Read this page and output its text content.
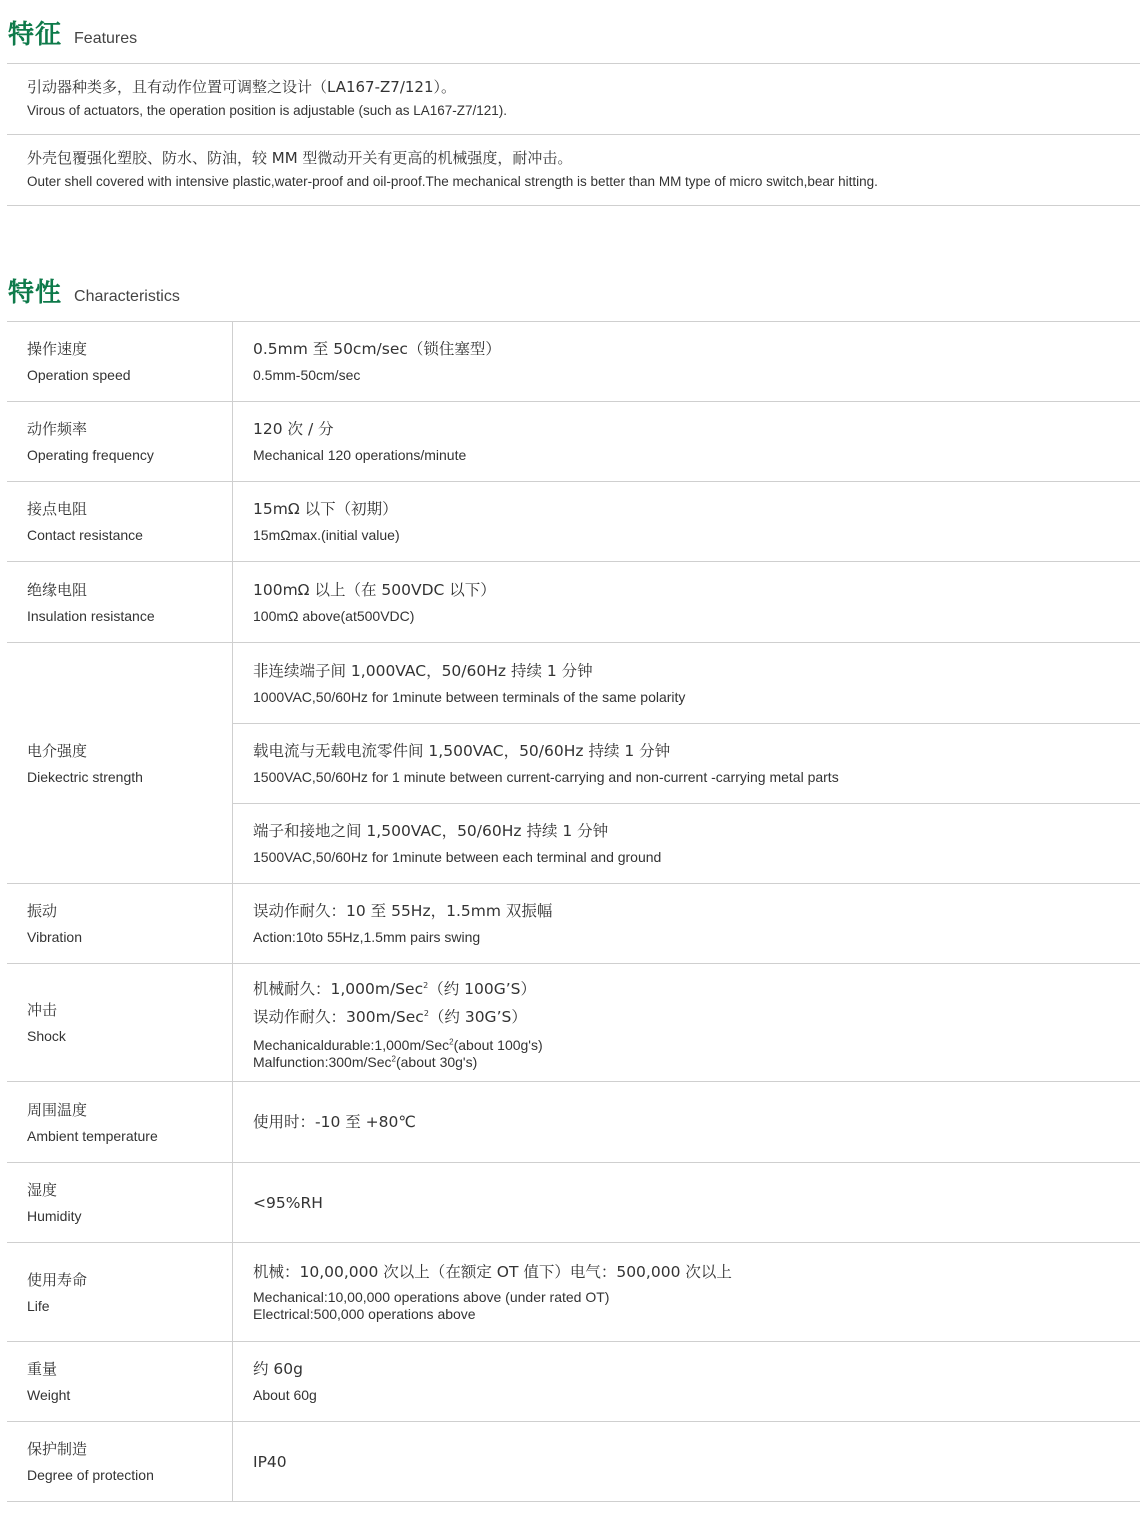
特征 Features
引动器种类多，且有动作位置可调整之设计（LA167-Z7/121）。
Virous of actuators, the operation position is adjustable (such as LA167-Z7/121).
外壳包覆强化塑胶、防水、防油，较 MM 型微动开关有更高的机械强度，耐冲击。
Outer shell covered with intensive plastic,water-proof and oil-proof.The mechanical strength is better than MM type of micro switch,bear hitting.
特性 Characteristics
操作速度
Operation speed
0.5mm 至 50cm/sec（锁住塞型）
0.5mm-50cm/sec
动作频率
Operating frequency
120 次 / 分
Mechanical 120 operations/minute
接点电阻
Contact resistance
15mΩ 以下（初期）
15mΩmax.(initial value)
绝缘电阻
Insulation resistance
100mΩ 以上（在 500VDC 以下）
100mΩ above(at500VDC)
电介强度
Diekectric strength
非连续端子间 1,000VAC，50/60Hz 持续 1 分钟
1000VAC,50/60Hz for 1minute between terminals of the same polarity
载电流与无载电流零件间 1,500VAC，50/60Hz 持续 1 分钟
1500VAC,50/60Hz for 1 minute between current-carrying and non-current -carrying metal parts
端子和接地之间 1,500VAC，50/60Hz 持续 1 分钟
1500VAC,50/60Hz for 1minute between each terminal and ground
振动
Vibration
误动作耐久：10 至 55Hz，1.5mm 双振幅
Action:10to 55Hz,1.5mm pairs swing
冲击
Shock
机械耐久：1,000m/Sec$^2$（约 100G’S）
误动作耐久：300m/Sec$^2$（约 30G’S）
Mechanicaldurable:1,000m/Sec$^2$(about 100g's)
Malfunction:300m/Sec$^2$(about 30g's)
周围温度
Ambient temperature
使用时：-10 至 +80℃
湿度
Humidity
<95%RH
使用寿命
Life
机械：10,00,000 次以上（在额定 OT 值下）电气：500,000 次以上
Mechanical:10,00,000 operations above (under rated OT)
Electrical:500,000 operations above
重量
Weight
约 60g
About 60g
保护制造
Degree of protection
IP40
